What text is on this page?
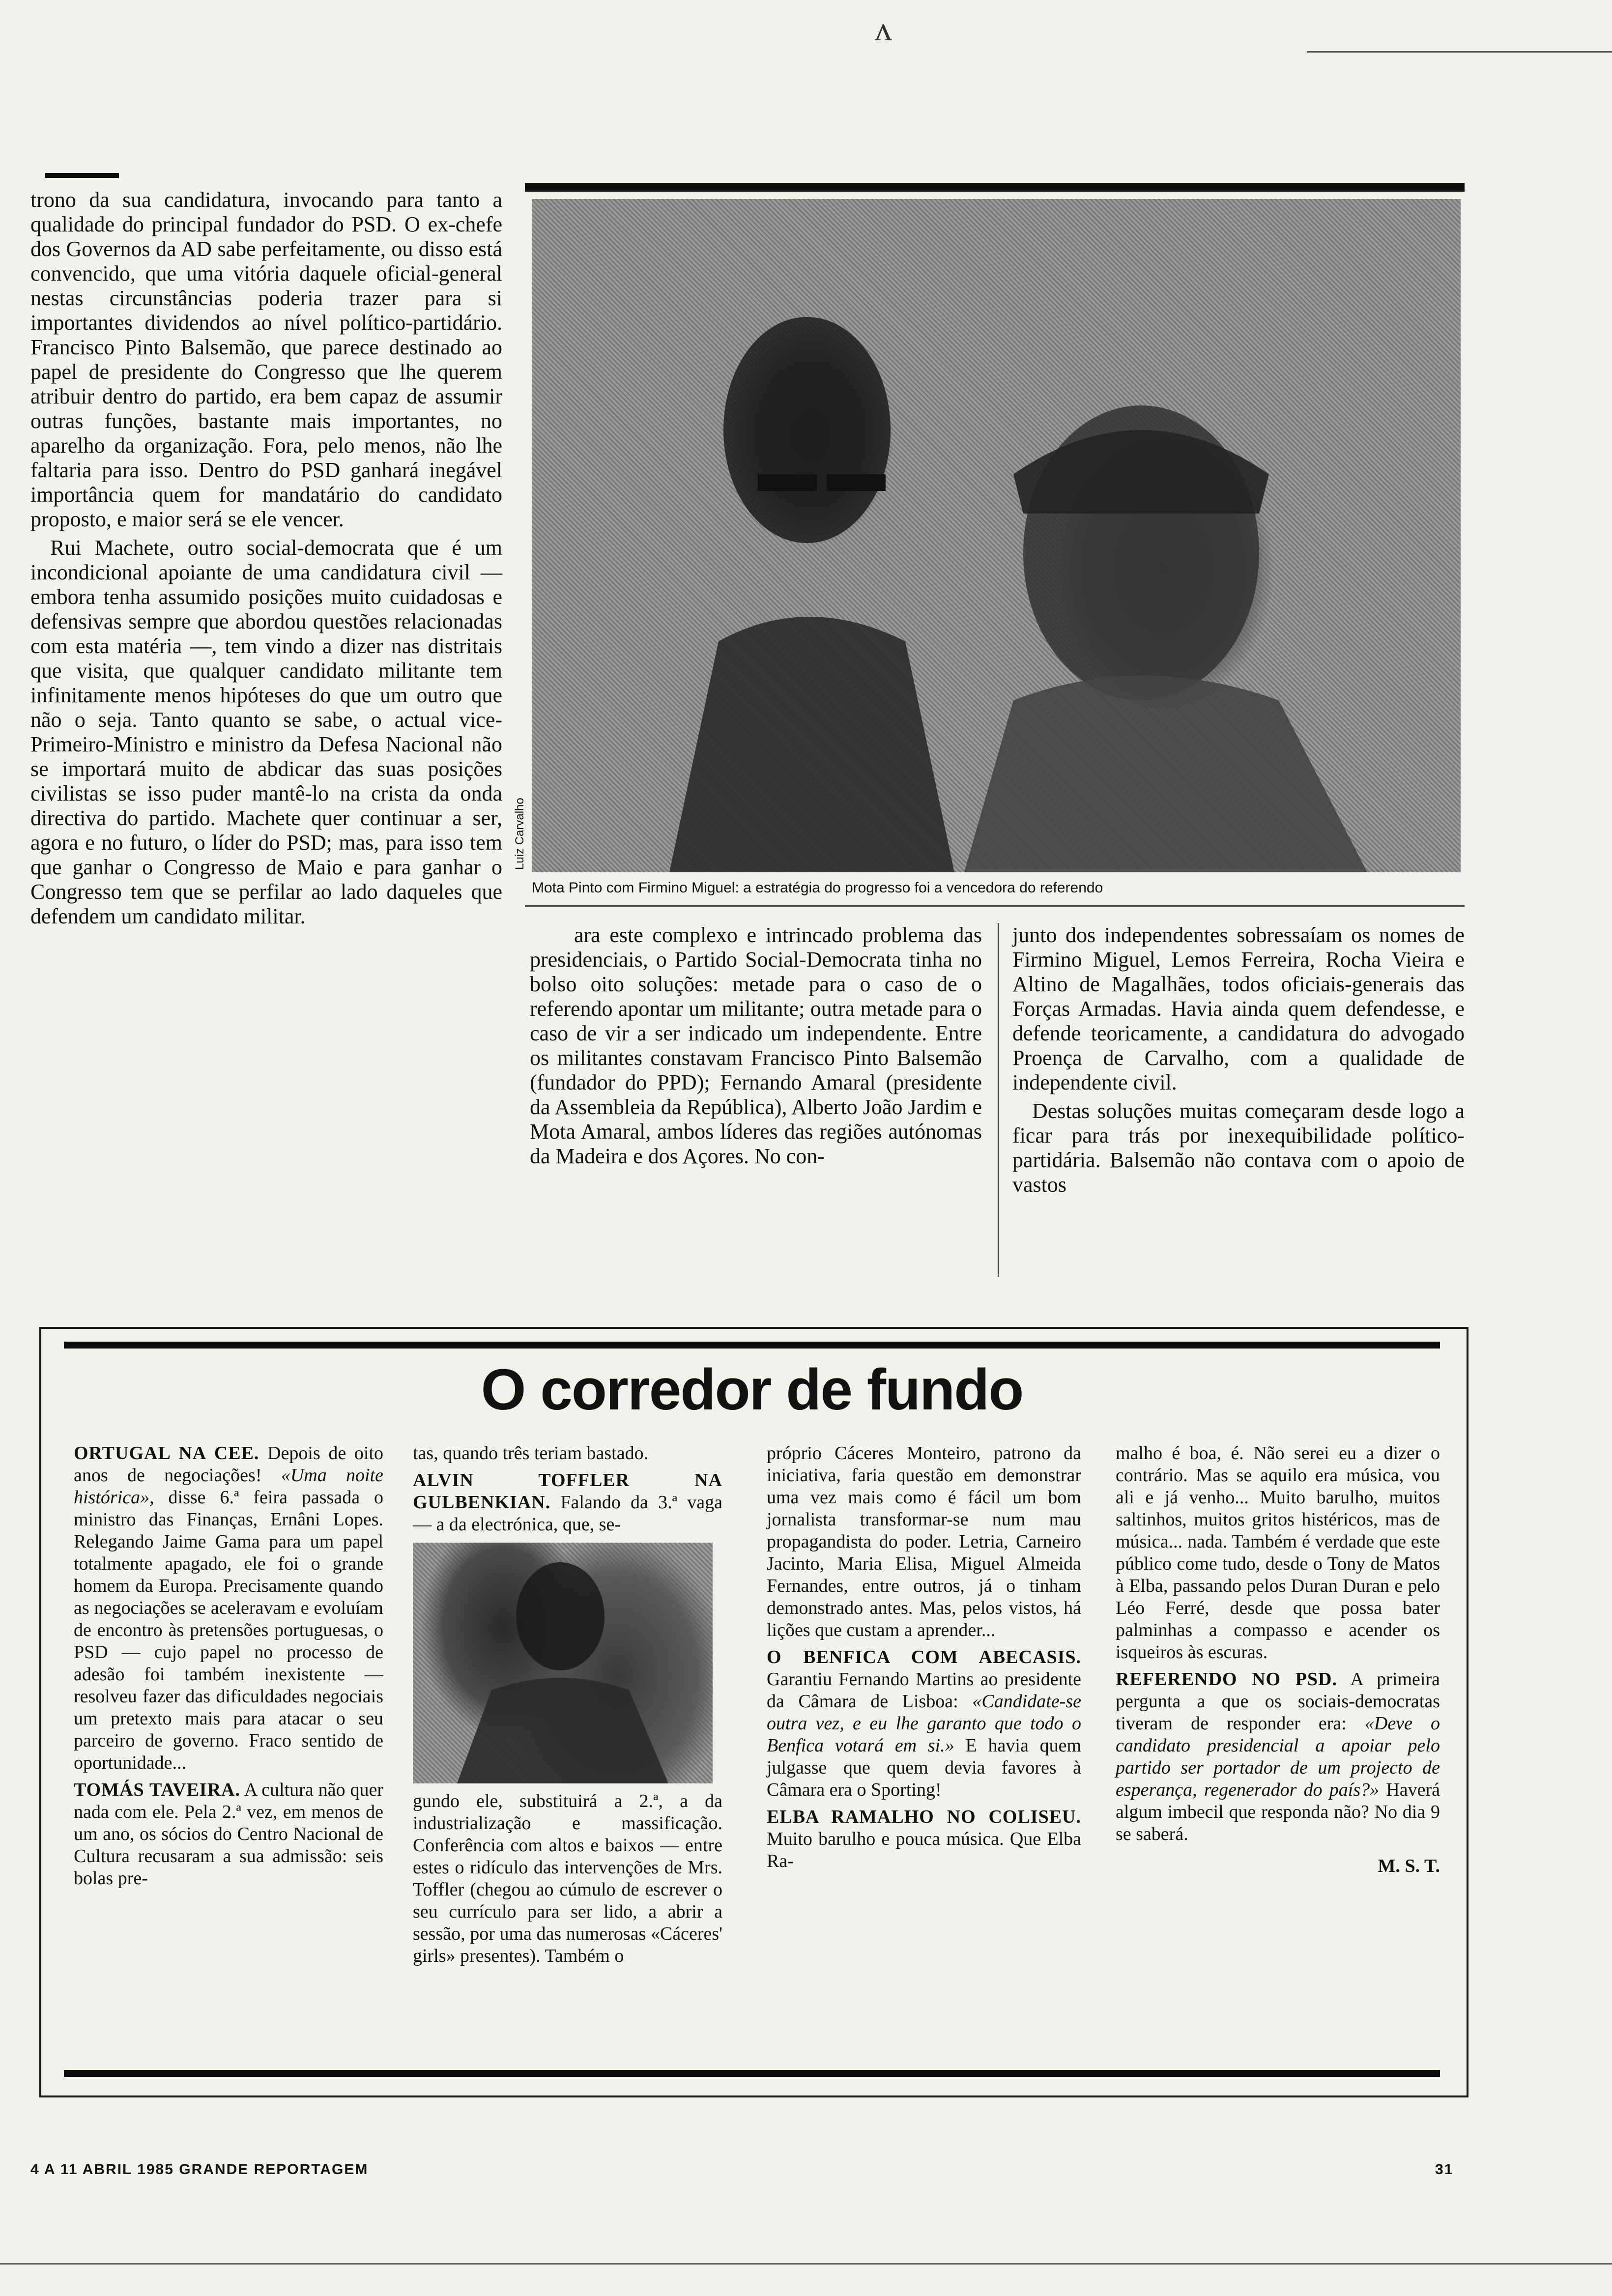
ᴧ

trono da sua candidatura, invocando para tanto a qualidade do principal fundador do PSD. O ex-chefe dos Governos da AD sabe perfeitamente, ou disso está convencido, que uma vitória daquele oficial-general nestas circunstâncias poderia trazer para si importantes dividendos ao nível político-partidário. Francisco Pinto Balsemão, que parece destinado ao papel de presidente do Congresso que lhe querem atribuir dentro do partido, era bem capaz de assumir outras funções, bastante mais importantes, no aparelho da organização. Fora, pelo menos, não lhe faltaria para isso. Dentro do PSD ganhará inegável importância quem for mandatário do candidato proposto, e maior será se ele vencer.

Rui Machete, outro social-democrata que é um incondicional apoiante de uma candidatura civil — embora tenha assumido posições muito cuidadosas e defensivas sempre que abordou questões relacionadas com esta matéria —, tem vindo a dizer nas distritais que visita, que qualquer candidato militante tem infinitamente menos hipóteses do que um outro que não o seja. Tanto quanto se sabe, o actual vice-Primeiro-Ministro e ministro da Defesa Nacional não se importará muito de abdicar das suas posições civilistas se isso puder mantê-lo na crista da onda directiva do partido. Machete quer continuar a ser, agora e no futuro, o líder do PSD; mas, para isso tem que ganhar o Congresso de Maio e para ganhar o Congresso tem que se perfilar ao lado daqueles que defendem um candidato militar.

Luiz Carvalho
Mota Pinto com Firmino Miguel: a estratégia do progresso foi a vencedora do referendo

ara este complexo e intrincado problema das presidenciais, o Partido Social-Democrata tinha no bolso oito soluções: metade para o caso de o referendo apontar um militante; outra metade para o caso de vir a ser indicado um independente. Entre os militantes constavam Francisco Pinto Balsemão (fundador do PPD); Fernando Amaral (presidente da Assembleia da República), Alberto João Jardim e Mota Amaral, ambos líderes das regiões autónomas da Madeira e dos Açores. No con-

junto dos independentes sobressaíam os nomes de Firmino Miguel, Lemos Ferreira, Rocha Vieira e Altino de Magalhães, todos oficiais-generais das Forças Armadas. Havia ainda quem defendesse, e defende teoricamente, a candidatura do advogado Proença de Carvalho, com a qualidade de independente civil.

Destas soluções muitas começaram desde logo a ficar para trás por inexequibilidade político-partidária. Balsemão não contava com o apoio de vastos

O corredor de fundo

ORTUGAL NA CEE. Depois de oito anos de negociações! «Uma noite histórica», disse 6.ª feira passada o ministro das Finanças, Ernâni Lopes. Relegando Jaime Gama para um papel totalmente apagado, ele foi o grande homem da Europa. Precisamente quando as negociações se aceleravam e evoluíam de encontro às pretensões portuguesas, o PSD — cujo papel no processo de adesão foi também inexistente — resolveu fazer das dificuldades negociais um pretexto mais para atacar o seu parceiro de governo. Fraco sentido de oportunidade...

TOMÁS TAVEIRA. A cultura não quer nada com ele. Pela 2.ª vez, em menos de um ano, os sócios do Centro Nacional de Cultura recusaram a sua admissão: seis bolas pre-

tas, quando três teriam bastado.

ALVIN TOFFLER NA GULBENKIAN. Falando da 3.ª vaga — a da electrónica, que, se-

gundo ele, substituirá a 2.ª, a da industrialização e massificação. Conferência com altos e baixos — entre estes o ridículo das intervenções de Mrs. Toffler (chegou ao cúmulo de escrever o seu currículo para ser lido, a abrir a sessão, por uma das numerosas «Cáceres' girls» presentes). Também o

próprio Cáceres Monteiro, patrono da iniciativa, faria questão em demonstrar uma vez mais como é fácil um bom jornalista transformar-se num mau propagandista do poder. Letria, Carneiro Jacinto, Maria Elisa, Miguel Almeida Fernandes, entre outros, já o tinham demonstrado antes. Mas, pelos vistos, há lições que custam a aprender...

O BENFICA COM ABECASIS. Garantiu Fernando Martins ao presidente da Câmara de Lisboa: «Candidate-se outra vez, e eu lhe garanto que todo o Benfica votará em si.» E havia quem julgasse que quem devia favores à Câmara era o Sporting!

ELBA RAMALHO NO COLISEU. Muito barulho e pouca música. Que Elba Ra-

malho é boa, é. Não serei eu a dizer o contrário. Mas se aquilo era música, vou ali e já venho... Muito barulho, muitos saltinhos, muitos gritos histéricos, mas de música... nada. Também é verdade que este público come tudo, desde o Tony de Matos à Elba, passando pelos Duran Duran e pelo Léo Ferré, desde que possa bater palminhas a compasso e acender os isqueiros às escuras.

REFERENDO NO PSD. A primeira pergunta a que os sociais-democratas tiveram de responder era: «Deve o candidato presidencial a apoiar pelo partido ser portador de um projecto de esperança, regenerador do país?» Haverá algum imbecil que responda não? No dia 9 se saberá.

M. S. T.

4 A 11 ABRIL 1985 GRANDE REPORTAGEM	31
